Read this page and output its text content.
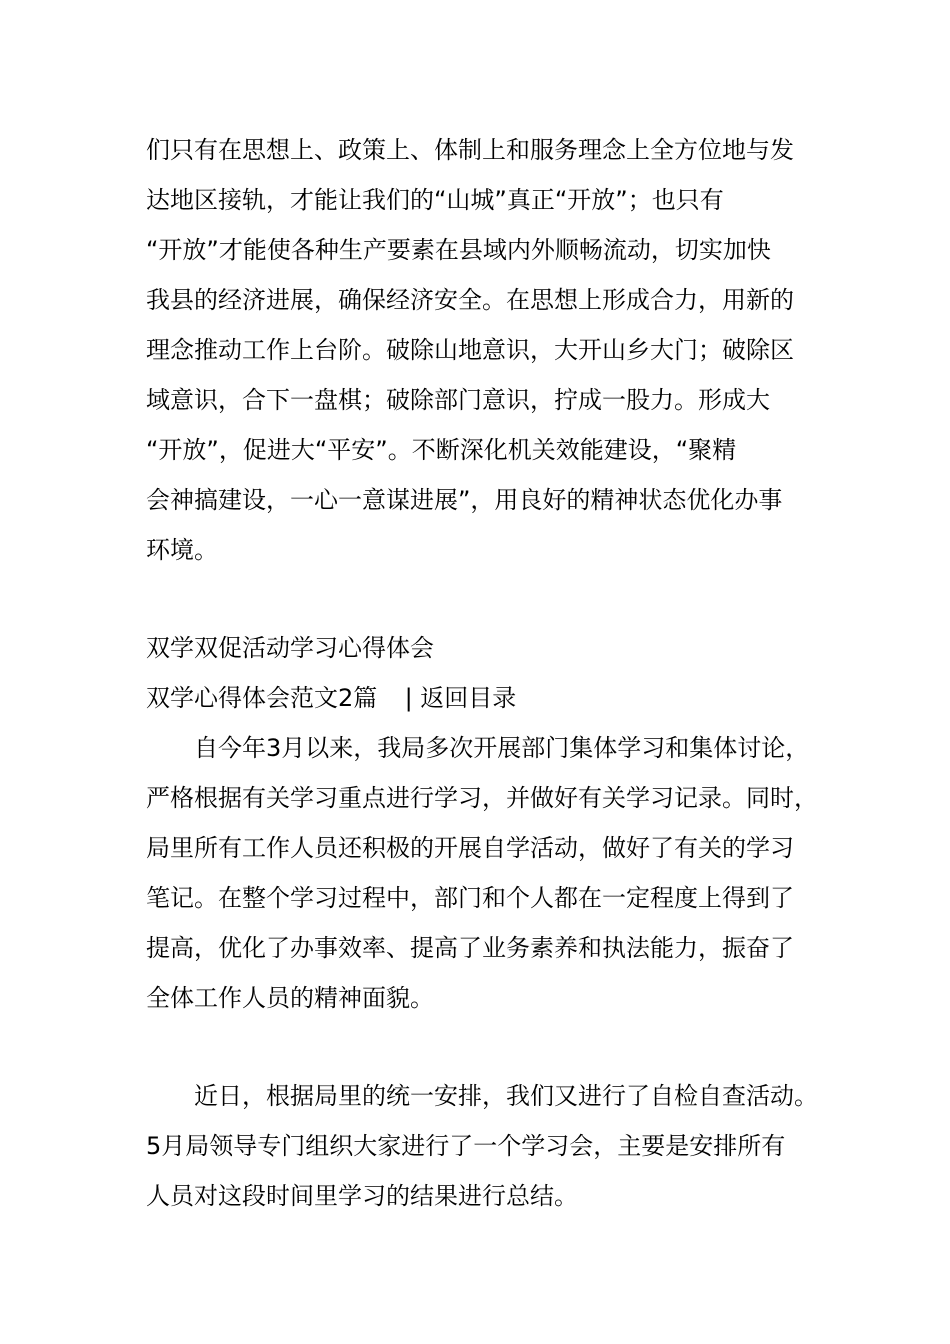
们只有在思想上、政策上、体制上和服务理念上全方位地与发
达地区接轨，才能让我们的“山城”真正“开放”；也只有
“开放”才能使各种生产要素在县域内外顺畅流动，切实加快
我县的经济进展，确保经济安全。在思想上形成合力，用新的
理念推动工作上台阶。破除山地意识，大开山乡大门；破除区
域意识，合下一盘棋；破除部门意识，拧成一股力。形成大
“开放”，促进大“平安”。不断深化机关效能建设，“聚精
会神搞建设，一心一意谋进展”，用良好的精神状态优化办事
环境。
双学双促活动学习心得体会
双学心得体会范文2篇 | 返回目录
自今年3月以来，我局多次开展部门集体学习和集体讨论，
严格根据有关学习重点进行学习，并做好有关学习记录。同时，
局里所有工作人员还积极的开展自学活动，做好了有关的学习
笔记。在整个学习过程中，部门和个人都在一定程度上得到了
提高，优化了办事效率、提高了业务素养和执法能力，振奋了
全体工作人员的精神面貌。
近日，根据局里的统一安排，我们又进行了自检自查活动。
5月局领导专门组织大家进行了一个学习会，主要是安排所有
人员对这段时间里学习的结果进行总结。
